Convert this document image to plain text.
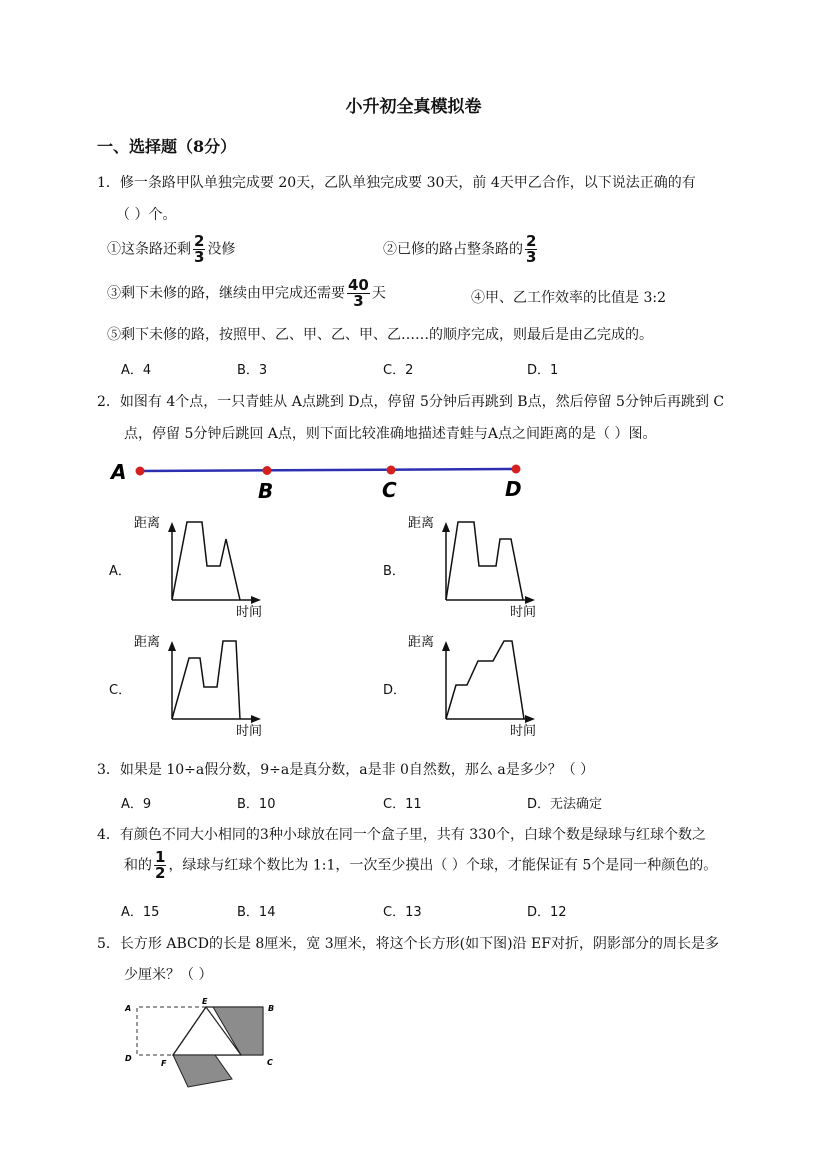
小升初全真模拟卷
一、选择题（8分）
1．修一条路甲队单独完成要 20天，乙队单独完成要 30天，前 4天甲乙合作，以下说法正确的有
（ ）个。
①这条路还剩 $\frac{2}{3}$ 没修	②已修的路占整条路的 $\frac{2}{3}$
③剩下未修的路，继续由甲完成还需要 $\frac{40}{3}$ 天	④甲、乙工作效率的比值是 3:2
⑤剩下未修的路，按照甲、乙、甲、乙、甲、乙……的顺序完成，则最后是由乙完成的。
A．4	B．3	C．2	D．1
2．如图有 4个点，一只青蛙从 A点跳到 D点，停留 5分钟后再跳到 B点，然后停留 5分钟后再跳到 C
点，停留 5分钟后跳回 A点，则下面比较准确地描述青蛙与A点之间距离的是（ ）图。
A
B	C	D
A．	B．
C．	D．
距离
时间
距离
时间
距离
时间
距离
时间
3．如果是 10÷a假分数，9÷a是真分数，a是非 0自然数，那么 a是多少？（ ）
A．9	B．10	C．11	D．无法确定
4．有颜色不同大小相同的3种小球放在同一个盒子里，共有 330个，白球个数是绿球与红球个数之
和的 $\frac{1}{2}$ ，绿球与红球个数比为 1:1，一次至少摸出（ ）个球，才能保证有 5个是同一种颜色的。
A．15	B．14	C．13	D．12
5．长方形 ABCD的长是 8厘米，宽 3厘米，将这个长方形(如下图)沿 EF对折，阴影部分的周长是多
少厘米？（ ）
A
E
B
D
F	C
